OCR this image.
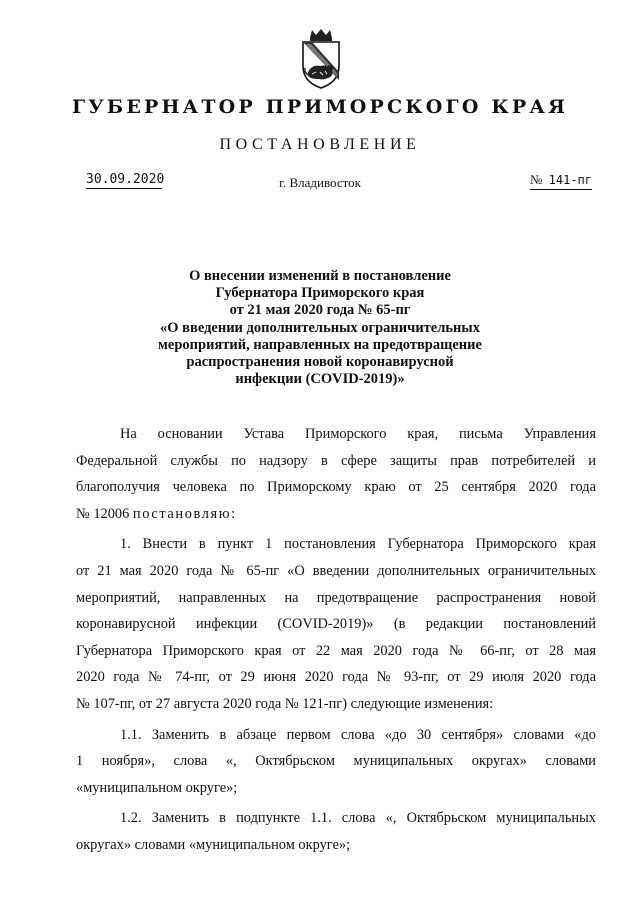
ГУБЕРНАТОР ПРИМОРСКОГО КРАЯ
ПОСТАНОВЛЕНИЕ
30.09.2020	г. Владивосток	№ 141-пг
О внесении изменений в постановление
Губернатора Приморского края
от 21 мая 2020 года № 65-пг
«О введении дополнительных ограничительных
мероприятий, направленных на предотвращение
распространения новой коронавирусной
инфекции (COVID-2019)»
На основании Устава Приморского края, письма Управления
Федеральной службы по надзору в сфере защиты прав потребителей и
благополучия человека по Приморскому краю от 25 сентября 2020 года
№ 12006 постановляю:
1. Внести в пункт 1 постановления Губернатора Приморского края
от 21 мая 2020 года № 65-пг «О введении дополнительных ограничительных
мероприятий, направленных на предотвращение распространения новой
коронавирусной инфекции (COVID-2019)» (в редакции постановлений
Губернатора Приморского края от 22 мая 2020 года № 66-пг, от 28 мая
2020 года № 74-пг, от 29 июня 2020 года № 93-пг, от 29 июля 2020 года
№ 107-пг, от 27 августа 2020 года № 121-пг) следующие изменения:
1.1. Заменить в абзаце первом слова «до 30 сентября» словами «до
1 ноября», слова «, Октябрьском муниципальных округах» словами
«муниципальном округе»;
1.2. Заменить в подпункте 1.1. слова «, Октябрьском муниципальных
округах» словами «муниципальном округе»;
